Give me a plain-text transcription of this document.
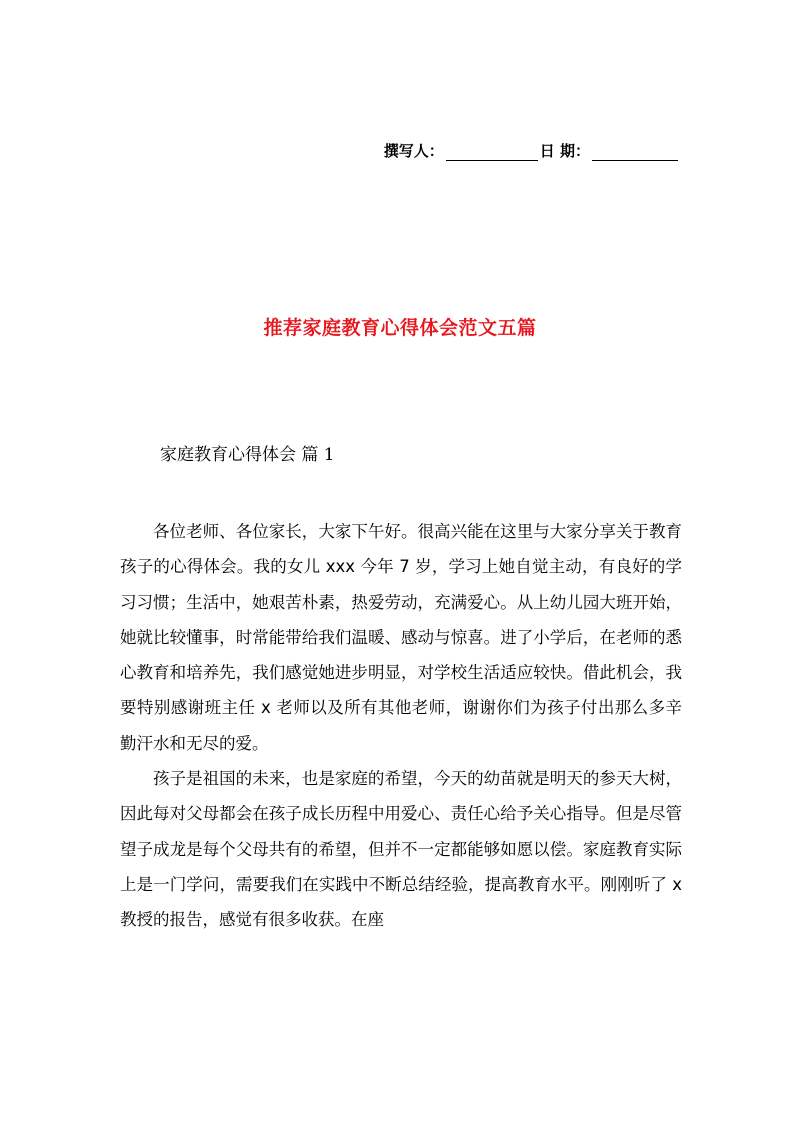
撰写人：	日 期：
推荐家庭教育心得体会范文五篇
家庭教育心得体会 篇 1

各位老师、各位家长，大家下午好。很高兴能在这里与大家分享关于教育孩子的心得体会。我的女儿 xxx 今年 7 岁，学习上她自觉主动，有良好的学习习惯；生活中，她艰苦朴素，热爱劳动，充满爱心。从上幼儿园大班开始，她就比较懂事，时常能带给我们温暖、感动与惊喜。进了小学后，在老师的悉心教育和培养先，我们感觉她进步明显，对学校生活适应较快。借此机会，我要特别感谢班主任 x 老师以及所有其他老师，谢谢你们为孩子付出那么多辛勤汗水和无尽的爱。

孩子是祖国的未来，也是家庭的希望，今天的幼苗就是明天的参天大树，因此每对父母都会在孩子成长历程中用爱心、责任心给予关心指导。但是尽管望子成龙是每个父母共有的希望，但并不一定都能够如愿以偿。家庭教育实际上是一门学问，需要我们在实践中不断总结经验，提高教育水平。刚刚听了 x 教授的报告，感觉有很多收获。在座
